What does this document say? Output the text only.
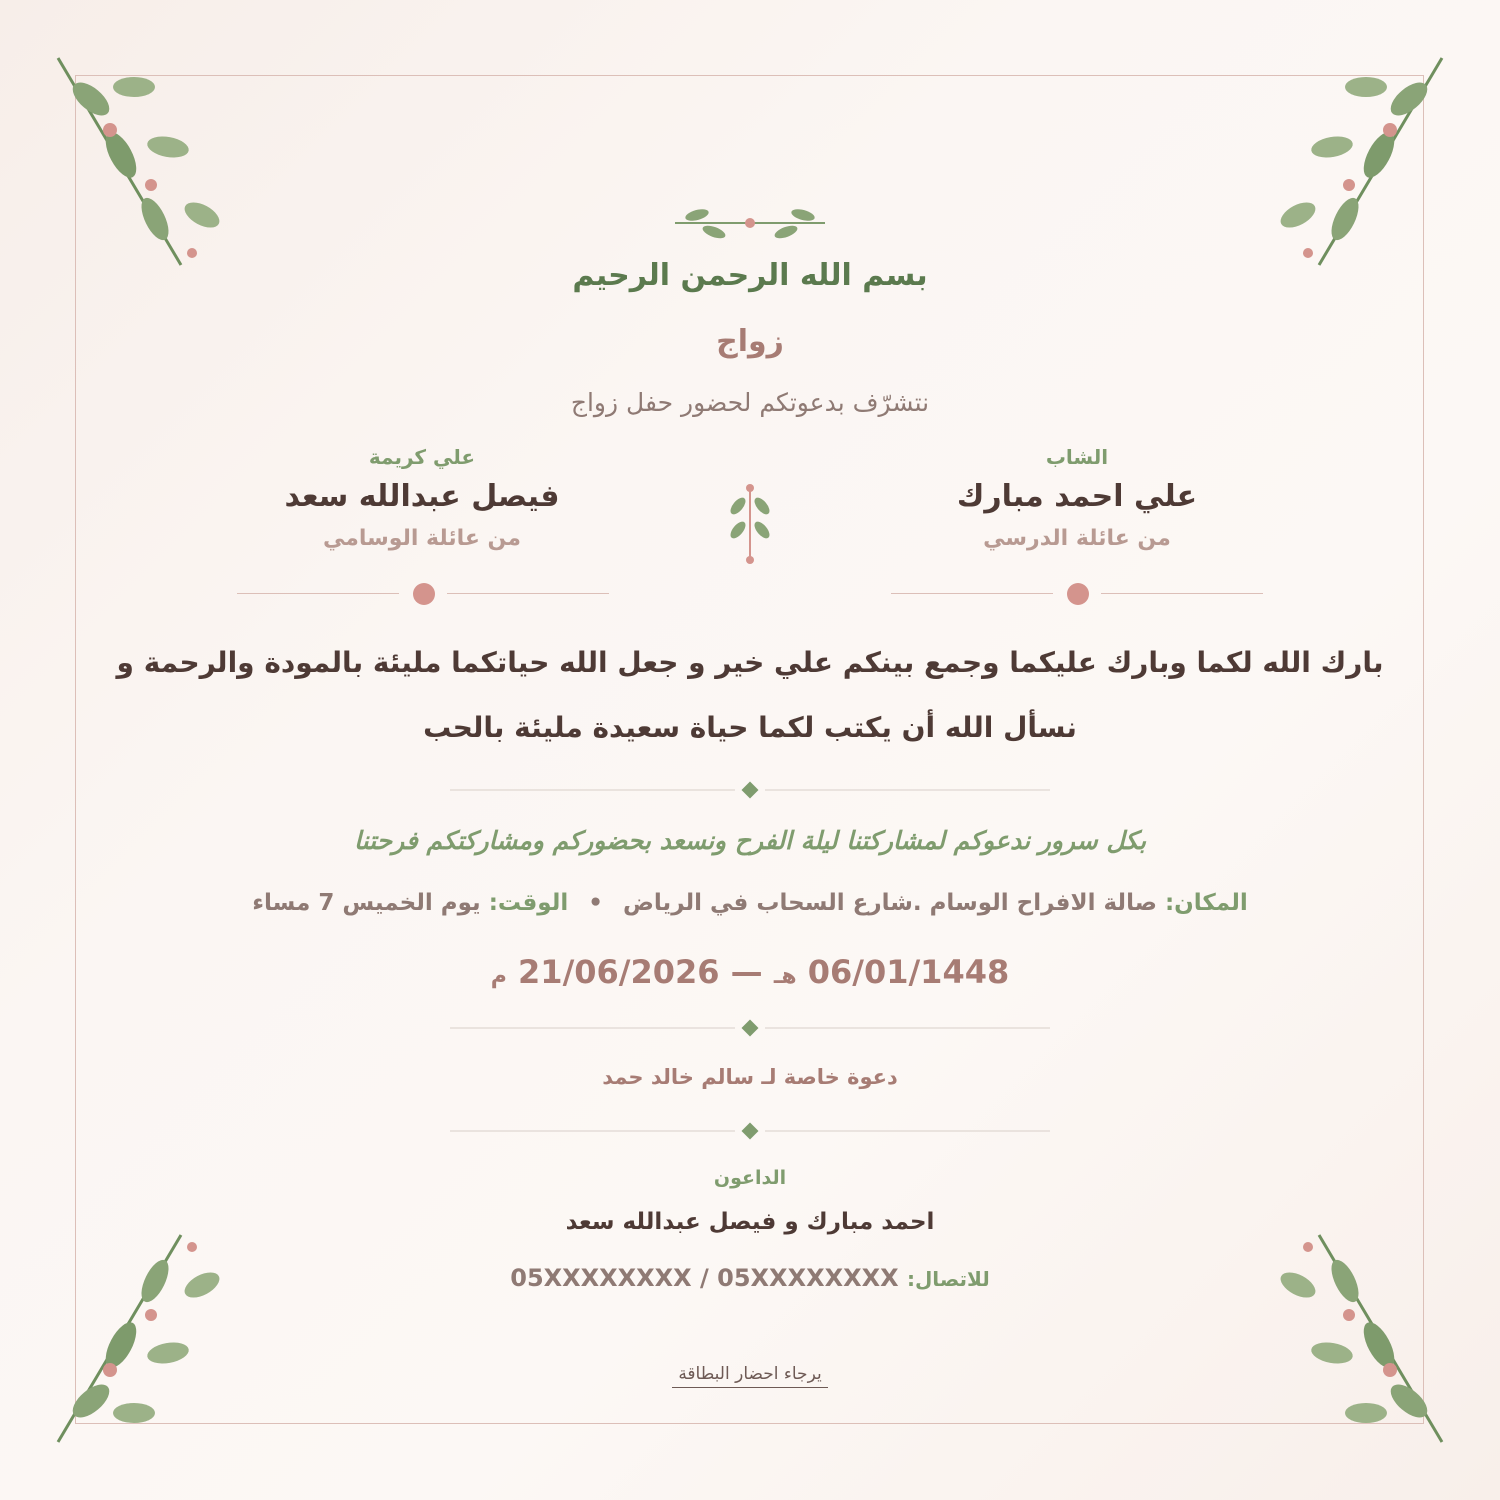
بسم الله الرحمن الرحيم
زواج
نتشرّف بدعوتكم لحضور حفل زواج
الشاب
علي احمد مبارك
من عائلة الدرسي
علي كريمة
فيصل عبدالله سعد
من عائلة الوسامي
بارك الله لكما وبارك عليكما وجمع بينكم علي خير و جعل الله حياتكما مليئة بالمودة والرحمة و
نسأل الله أن يكتب لكما حياة سعيدة مليئة بالحب
بكل سرور ندعوكم لمشاركتنا ليلة الفرح ونسعد بحضوركم ومشاركتكم فرحتنا
المكان: صالة الافراح الوسام .شارع السحاب في الرياض • الوقت: يوم الخميس 7 مساء
06/01/1448 هـ — 21/06/2026 م
دعوة خاصة لـ سالم خالد حمد
الداعون
احمد مبارك و فيصل عبدالله سعد
للاتصال: 05XXXXXXXX / 05XXXXXXXX
يرجاء احضار البطاقة
